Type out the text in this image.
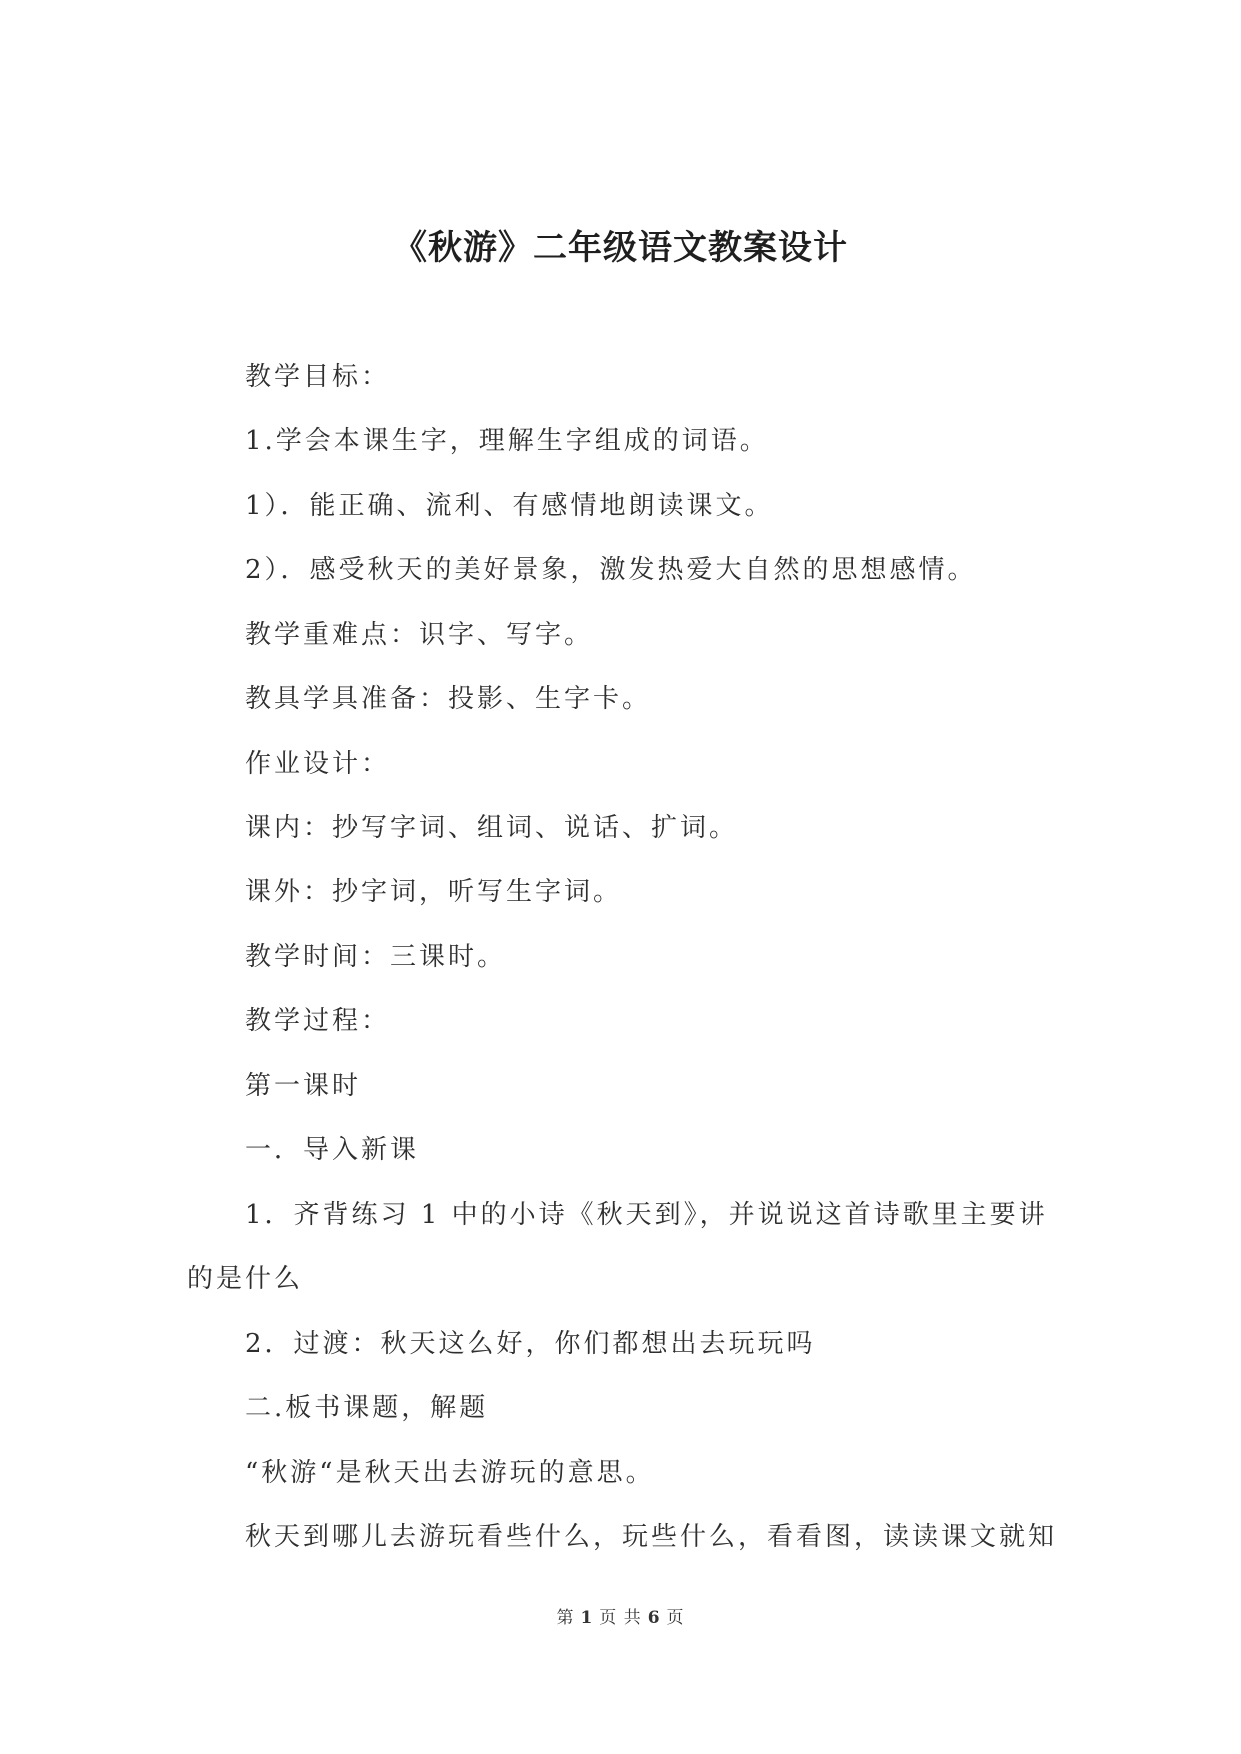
《秋游》二年级语文教案设计
教学目标：
1.学会本课生字，理解生字组成的词语。
1）．能正确、流利、有感情地朗读课文。
2）．感受秋天的美好景象，激发热爱大自然的思想感情。
教学重难点：识字、写字。
教具学具准备：投影、生字卡。
作业设计：
课内：抄写字词、组词、说话、扩词。
课外：抄字词，听写生字词。
教学时间：三课时。
教学过程：
第一课时
一．导入新课
1．齐背练习 1 中的小诗《秋天到》，并说说这首诗歌里主要讲
的是什么
2．过渡：秋天这么好，你们都想出去玩玩吗
二.板书课题，解题
“秋游“是秋天出去游玩的意思。
秋天到哪儿去游玩看些什么，玩些什么，看看图，读读课文就知
第 1 页 共 6 页
